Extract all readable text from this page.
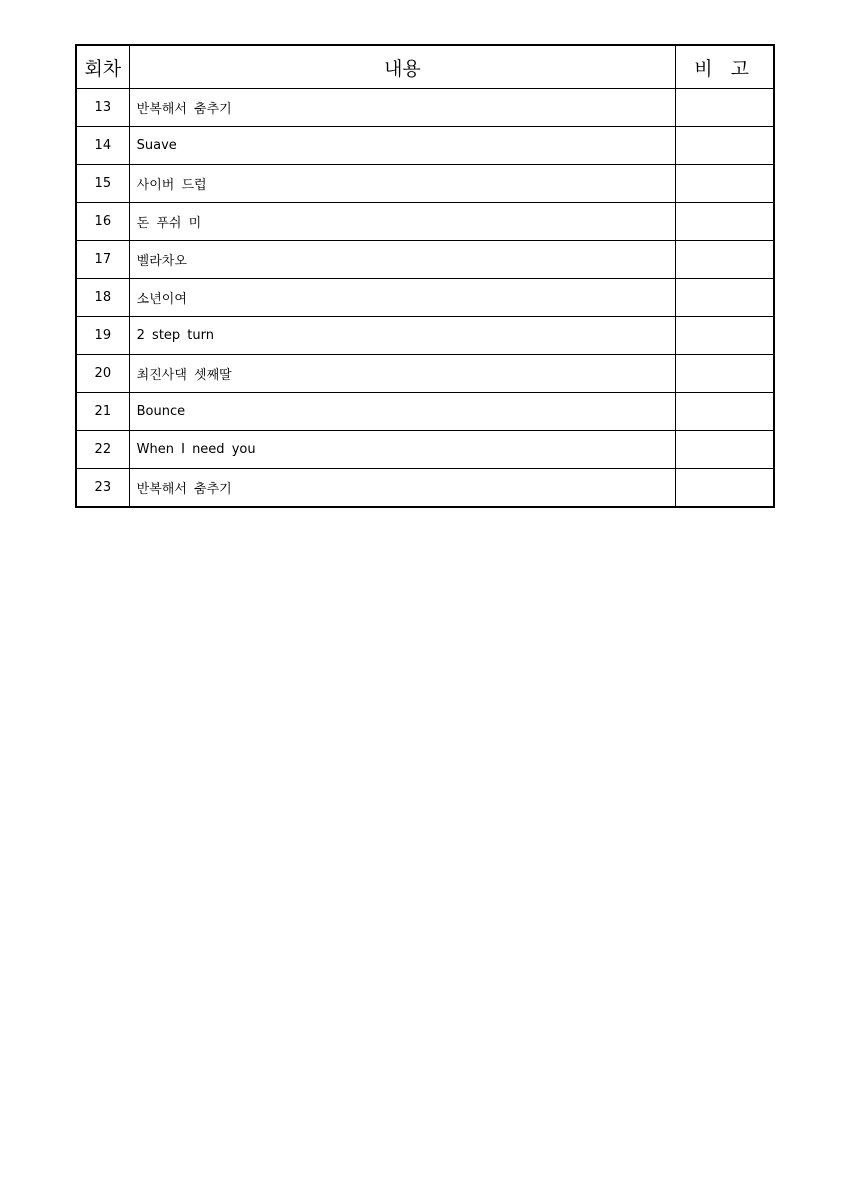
회차	내용	비 고
13	반복해서 춤추기	
14	Suave	
15	사이버 드럽	
16	돈 푸쉬 미	
17	벨라차오	
18	소년이여	
19	2 step turn	
20	최진사댁 셋째딸	
21	Bounce	
22	When I need you	
23	반복해서 춤추기	
